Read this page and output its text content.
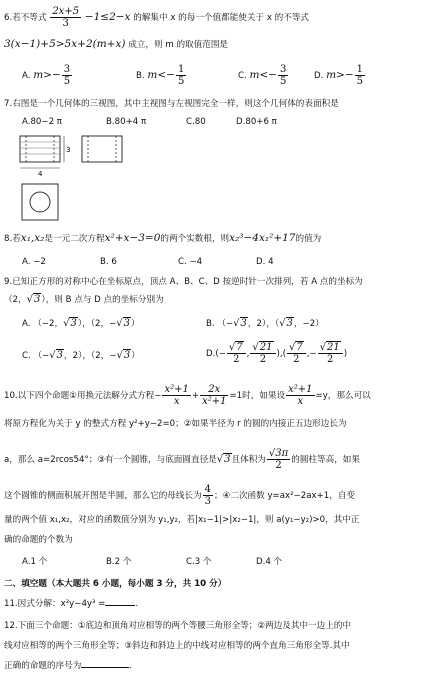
6.若不等式 $\frac{2x+5}{3} -1\le 2-x$ 的解集中 x 的每一个值都能使关于 x 的不等式
3(x−1)+5>5x+2(m+x) 成立，则 m 的取值范围是
A. $m>- \frac{3}{5}$	B. $m<- \frac{1}{5}$	C. $m<- \frac{3}{5}$	D. $m>- \frac{1}{5}$
7.右图是一个几何体的三视图，其中主视图与左视图完全一样，则这个几何体的表面积是
A.80−2 π	B.80+4 π	C.80	D.80+6 π
3
4
8.若x₁,x₂是一元二次方程x²+x−3=0的两个实数根，则x₂³−4x₁²+17的值为
A. −2	B. 6	C. −4	D. 4
9.已知正方形的对称中心在坐标原点，顶点 A、B、C、D 按逆时针一次排列，若 A 点的坐标为
（2，√3），则 B 点与 D 点的坐标分别为
A. （−2，√3），（2，−√3）	B. （−√3，2），（√3，−2）
C. （−√3，2），（2，−√3）	$D.(- \frac{√7}{2}$ , $\frac{√21}{2}$ ),( $\frac{√7}{2}$ ,− $\frac{√21}{2}$ )
10.以下四个命题①用换元法解分式方程− $\frac{\text{x²+1}}{x} + \frac{2x}{\text{x²+1}} =1$时，如果设 $\frac{\text{x²+1}}{x} =y$，那么可以
将原方程化为关于 y 的整式方程 y²+y−2=0；②如果半径为 r 的圆的内接正五边形边长为
a，那么 a=2rcos54°；③有一个圆锥，与底面圆直径是√3且体积为 $\frac{√3\pi}{2}$ 的圆柱等高，如果
这个圆锥的侧面积展开图是半圆，那么它的母线长为 $\frac{4}{3}$ ；④二次函数 y=ax²−2ax+1，自变
量的两个值 x₁,x₂，对应的函数值分别为 y₁,y₂，若|x₁−1|>|x₂−1|，则 a(y₁−y₂)>0，其中正
确的命题的个数为
A.1 个	B.2 个	C.3 个	D.4 个
二、填空题（本大题共 6 小题，每小题 3 分，共 10 分）
11.因式分解：x²y−4y³ =	.
12.下面三个命题：①底边和顶角对应相等的两个等腰三角形全等；②两边及其中一边上的中
线对应相等的两个三角形全等；③斜边和斜边上的中线对应相等的两个直角三角形全等.其中
正确的命题的序号为	.
